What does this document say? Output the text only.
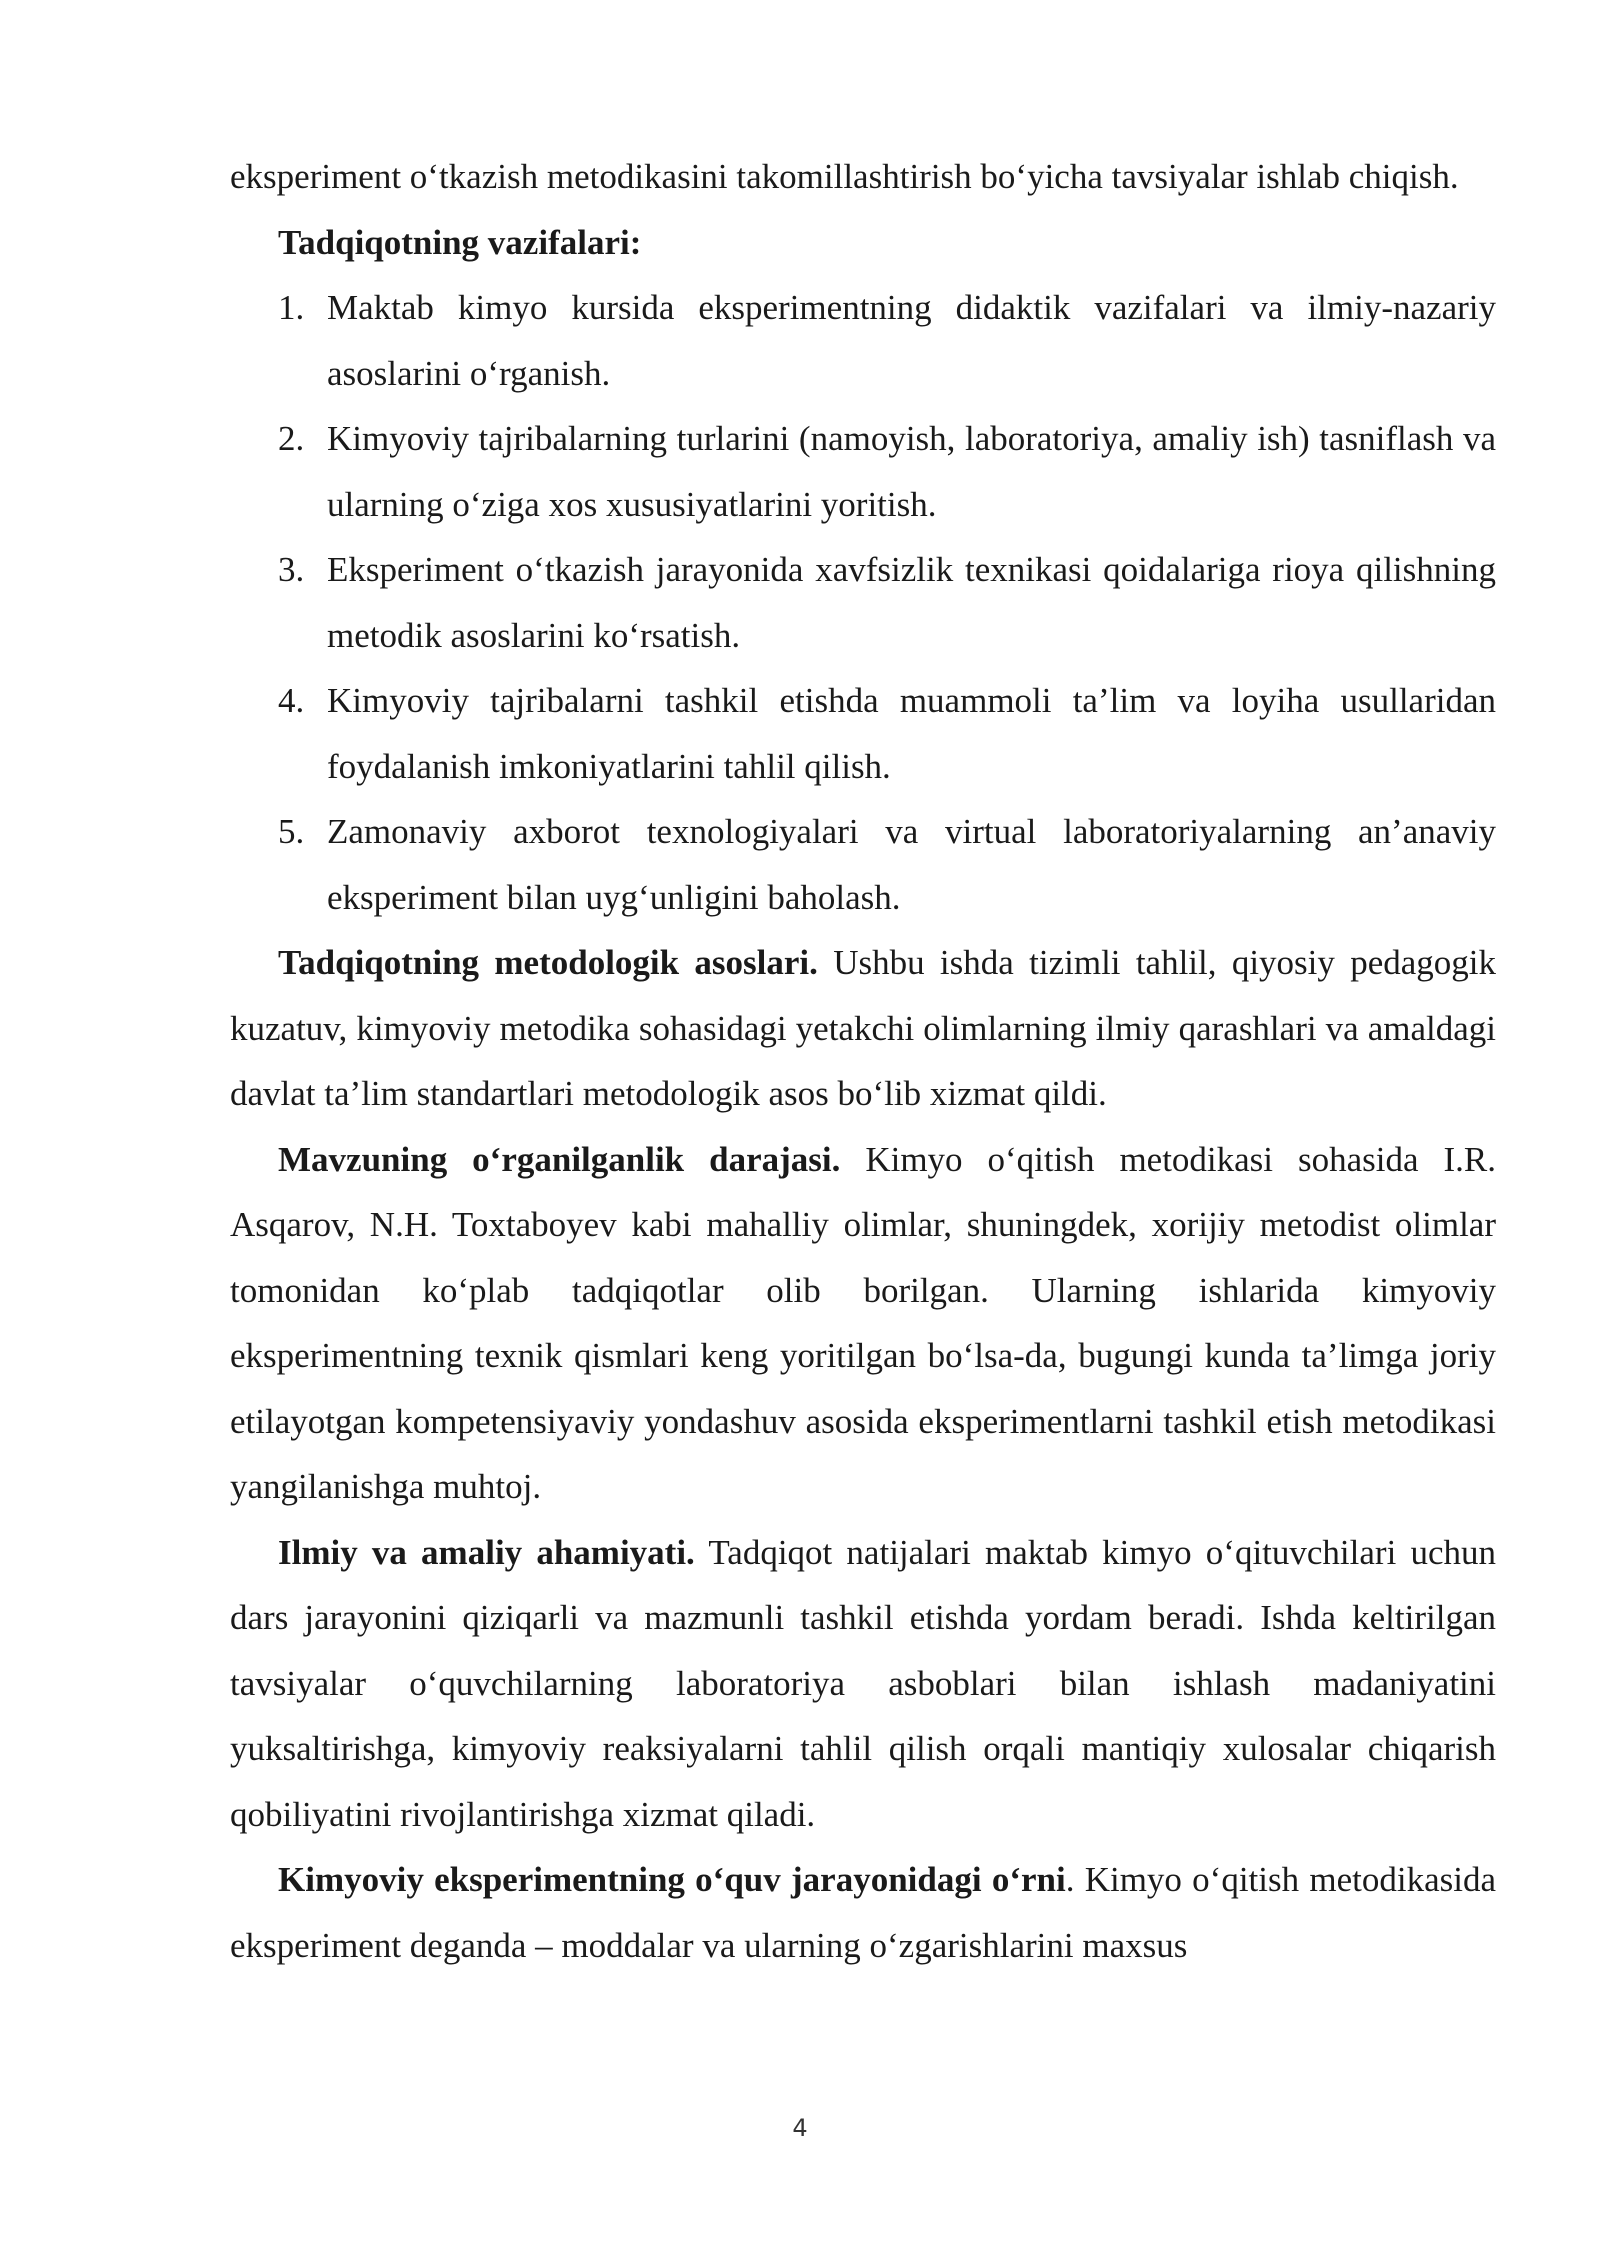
eksperiment o‘tkazish metodikasini takomillashtirish bo‘yicha tavsiyalar ishlab chiqish.

Tadqiqotning vazifalari:

1. Maktab kimyo kursida eksperimentning didaktik vazifalari va ilmiy-nazariy asoslarini o‘rganish.
2. Kimyoviy tajribalarning turlarini (namoyish, laboratoriya, amaliy ish) tasniflash va ularning o‘ziga xos xususiyatlarini yoritish.
3. Eksperiment o‘tkazish jarayonida xavfsizlik texnikasi qoidalariga rioya qilishning metodik asoslarini ko‘rsatish.
4. Kimyoviy tajribalarni tashkil etishda muammoli ta’lim va loyiha usullaridan foydalanish imkoniyatlarini tahlil qilish.
5. Zamonaviy axborot texnologiyalari va virtual laboratoriyalarning an’anaviy eksperiment bilan uyg‘unligini baholash.

Tadqiqotning metodologik asoslari. Ushbu ishda tizimli tahlil, qiyosiy pedagogik kuzatuv, kimyoviy metodika sohasidagi yetakchi olimlarning ilmiy qarashlari va amaldagi davlat ta’lim standartlari metodologik asos bo‘lib xizmat qildi.

Mavzuning o‘rganilganlik darajasi. Kimyo o‘qitish metodikasi sohasida I.R. Asqarov, N.H. Toxtaboyev kabi mahalliy olimlar, shuningdek, xorijiy metodist olimlar tomonidan ko‘plab tadqiqotlar olib borilgan. Ularning ishlarida kimyoviy eksperimentning texnik qismlari keng yoritilgan bo‘lsa-da, bugungi kunda ta’limga joriy etilayotgan kompetensiyaviy yondashuv asosida eksperimentlarni tashkil etish metodikasi yangilanishga muhtoj.

Ilmiy va amaliy ahamiyati. Tadqiqot natijalari maktab kimyo o‘qituvchilari uchun dars jarayonini qiziqarli va mazmunli tashkil etishda yordam beradi. Ishda keltirilgan tavsiyalar o‘quvchilarning laboratoriya asboblari bilan ishlash madaniyatini yuksaltirishga, kimyoviy reaksiyalarni tahlil qilish orqali mantiqiy xulosalar chiqarish qobiliyatini rivojlantirishga xizmat qiladi.

Kimyoviy eksperimentning o‘quv jarayonidagi o‘rni. Kimyo o‘qitish metodikasida eksperiment deganda – moddalar va ularning o‘zgarishlarini maxsus

4
